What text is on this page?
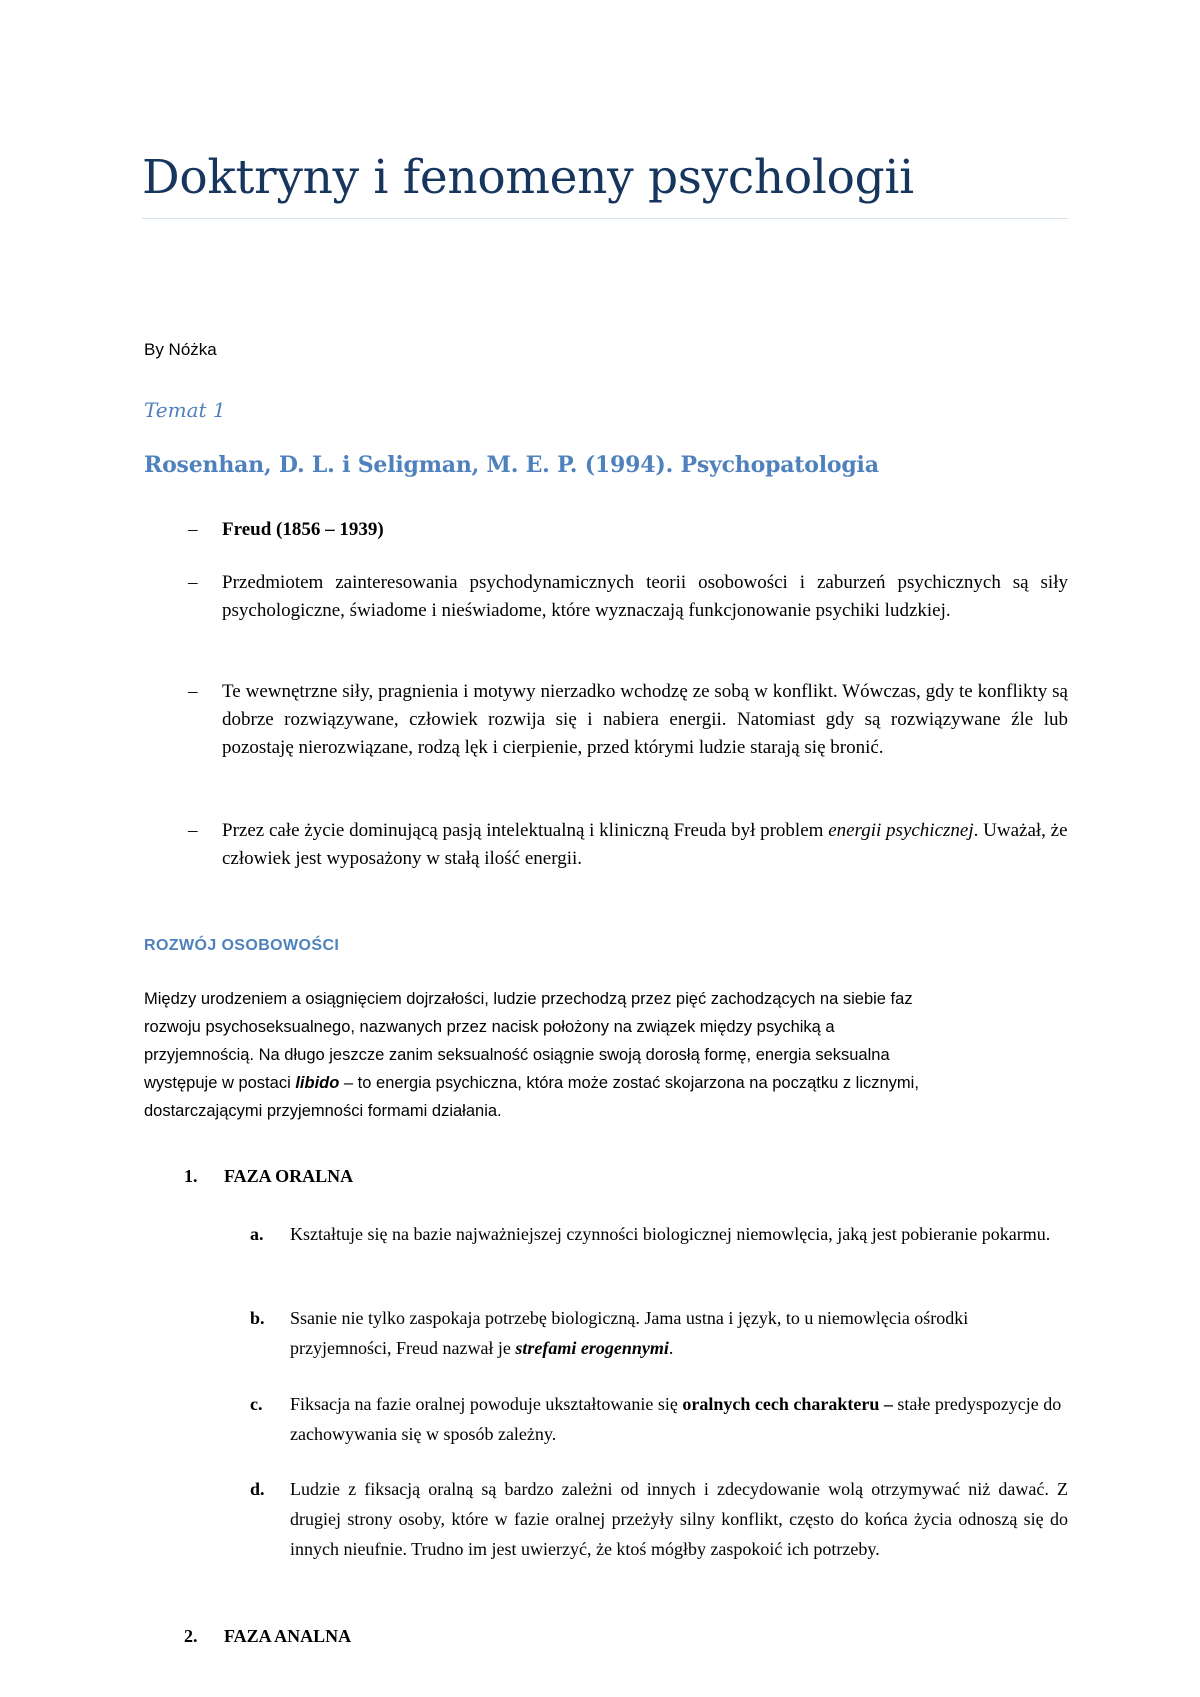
Doktryny i fenomeny psychologii
By Nóżka
Temat 1
Rosenhan, D. L. i Seligman, M. E. P. (1994). Psychopatologia
– Freud (1856 – 1939)
– Przedmiotem zainteresowania psychodynamicznych teorii osobowości i zaburzeń psychicznych są siły psychologiczne, świadome i nieświadome, które wyznaczają funkcjonowanie psychiki ludzkiej.
– Te wewnętrzne siły, pragnienia i motywy nierzadko wchodzę ze sobą w konflikt. Wówczas, gdy te konflikty są dobrze rozwiązywane, człowiek rozwija się i nabiera energii. Natomiast gdy są rozwiązywane źle lub pozostaję nierozwiązane, rodzą lęk i cierpienie, przed którymi ludzie starają się bronić.
– Przez całe życie dominującą pasją intelektualną i kliniczną Freuda był problem energii psychicznej. Uważał, że człowiek jest wyposażony w stałą ilość energii.
ROZWÓJ OSOBOWOŚCI

Między urodzeniem a osiągnięciem dojrzałości, ludzie przechodzą przez pięć zachodzących na siebie faz rozwoju psychoseksualnego, nazwanych przez nacisk położony na związek między psychiką a przyjemnością. Na długo jeszcze zanim seksualność osiągnie swoją dorosłą formę, energia seksualna występuje w postaci libido – to energia psychiczna, która może zostać skojarzona na początku z licznymi, dostarczającymi przyjemności formami działania.

1. FAZA ORALNA
a. Kształtuje się na bazie najważniejszej czynności biologicznej niemowlęcia, jaką jest pobieranie pokarmu.
b. Ssanie nie tylko zaspokaja potrzebę biologiczną. Jama ustna i język, to u niemowlęcia ośrodki przyjemności, Freud nazwał je strefami erogennymi.
c. Fiksacja na fazie oralnej powoduje ukształtowanie się oralnych cech charakteru – stałe predyspozycje do zachowywania się w sposób zależny.
d. Ludzie z fiksacją oralną są bardzo zależni od innych i zdecydowanie wolą otrzymywać niż dawać. Z drugiej strony osoby, które w fazie oralnej przeżyły silny konflikt, często do końca życia odnoszą się do innych nieufnie. Trudno im jest uwierzyć, że ktoś mógłby zaspokoić ich potrzeby.
2. FAZA ANALNA
